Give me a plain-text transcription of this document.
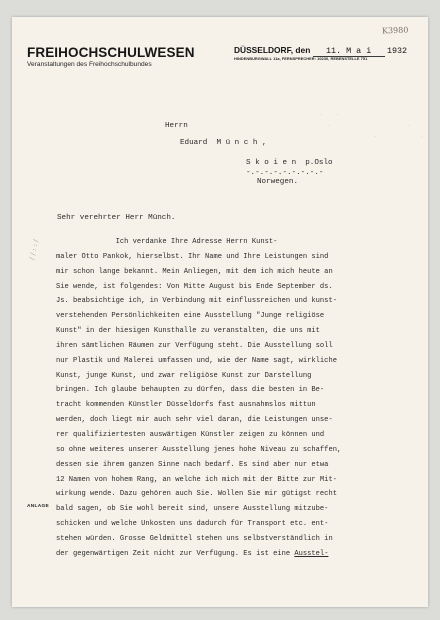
.   .
.                  .
.                .          .
K3980
FREIHOCHSCHULWESEN
Veranstaltungen des Freihochschulbundes
DÜSSELDORF, den 11. M a i 1932
HINDENBURGWALL 11a, FERNSPRECHER: 10230, REBENSTELLE 751
Herrn
Eduard  M ü n c h ,
S k o i e n  p.Oslo
-.-.-.-.-.-.-.-.-
Norwegen.
Sehr verehrter Herr Münch.
/ / : : / Ich verdanke Ihre Adresse Herrn Kunst-
maler Otto Pankok, hierselbst. Ihr Name und Ihre Leistungen sind
mir schon lange bekannt. Mein Anliegen, mit dem ich mich heute an
Sie wende, ist folgendes: Von Mitte August bis Ende September ds.
Js. beabsichtige ich, in Verbindung mit einflussreichen und kunst-
verstehenden Persönlichkeiten eine Ausstellung "Junge religiöse
Kunst" in der hiesigen Kunsthalle zu veranstalten, die uns mit
ihren sämtlichen Räumen zur Verfügung steht. Die Ausstellung soll
nur Plastik und Malerei umfassen und, wie der Name sagt, wirkliche
Kunst, junge Kunst, und zwar religiöse Kunst zur Darstellung
bringen. Ich glaube behaupten zu dürfen, dass die besten in Be-
tracht kommenden Künstler Düsseldorfs fast ausnahmslos mittun
werden, doch liegt mir auch sehr viel daran, die Leistungen unse-
rer qualifiziertesten auswärtigen Künstler zeigen zu können und
so ohne weiteres unserer Ausstellung jenes hohe Niveau zu schaffen,
dessen sie ihrem ganzen Sinne nach bedarf. Es sind aber nur etwa
12 Namen von hohem Rang, an welche ich mich mit der Bitte zur Mit-
wirkung wende. Dazu gehören auch Sie. Wollen Sie mir gütigst recht
bald sagen, ob Sie wohl bereit sind, unsere Ausstellung mitzube-
schicken und welche Unkosten uns dadurch für Transport etc. ent-
stehen würden. Grosse Geldmittel stehen uns selbstverständlich in
der gegenwärtigen Zeit nicht zur Verfügung. Es ist eine Ausstel-
ANLAGE
